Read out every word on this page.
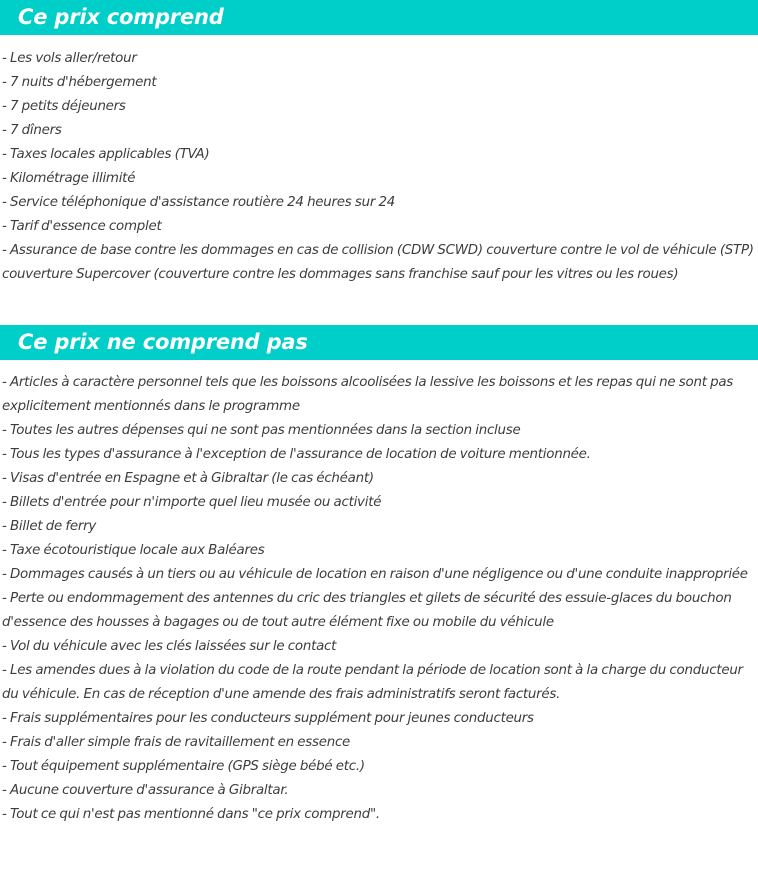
Ce prix comprend

- Les vols aller/retour

- 7 nuits d'hébergement

- 7 petits déjeuners

- 7 dîners

- Taxes locales applicables (TVA)

- Kilométrage illimité

- Service téléphonique d'assistance routière 24 heures sur 24

- Tarif d'essence complet

- Assurance de base contre les dommages en cas de collision (CDW SCWD) couverture contre le vol de véhicule (STP) couverture Supercover (couverture contre les dommages sans franchise sauf pour les vitres ou les roues)

Ce prix ne comprend pas

- Articles à caractère personnel tels que les boissons alcoolisées la lessive les boissons et les repas qui ne sont pas explicitement mentionnés dans le programme

- Toutes les autres dépenses qui ne sont pas mentionnées dans la section incluse

- Tous les types d'assurance à l'exception de l'assurance de location de voiture mentionnée.

- Visas d'entrée en Espagne et à Gibraltar (le cas échéant)

- Billets d'entrée pour n'importe quel lieu musée ou activité

- Billet de ferry

- Taxe écotouristique locale aux Baléares

- Dommages causés à un tiers ou au véhicule de location en raison d'une négligence ou d'une conduite inappropriée

- Perte ou endommagement des antennes du cric des triangles et gilets de sécurité des essuie-glaces du bouchon d'essence des housses à bagages ou de tout autre élément fixe ou mobile du véhicule

- Vol du véhicule avec les clés laissées sur le contact

- Les amendes dues à la violation du code de la route pendant la période de location sont à la charge du conducteur du véhicule. En cas de réception d'une amende des frais administratifs seront facturés.

- Frais supplémentaires pour les conducteurs supplément pour jeunes conducteurs

- Frais d'aller simple frais de ravitaillement en essence

- Tout équipement supplémentaire (GPS siège bébé etc.)

- Aucune couverture d'assurance à Gibraltar.

- Tout ce qui n'est pas mentionné dans "ce prix comprend".
